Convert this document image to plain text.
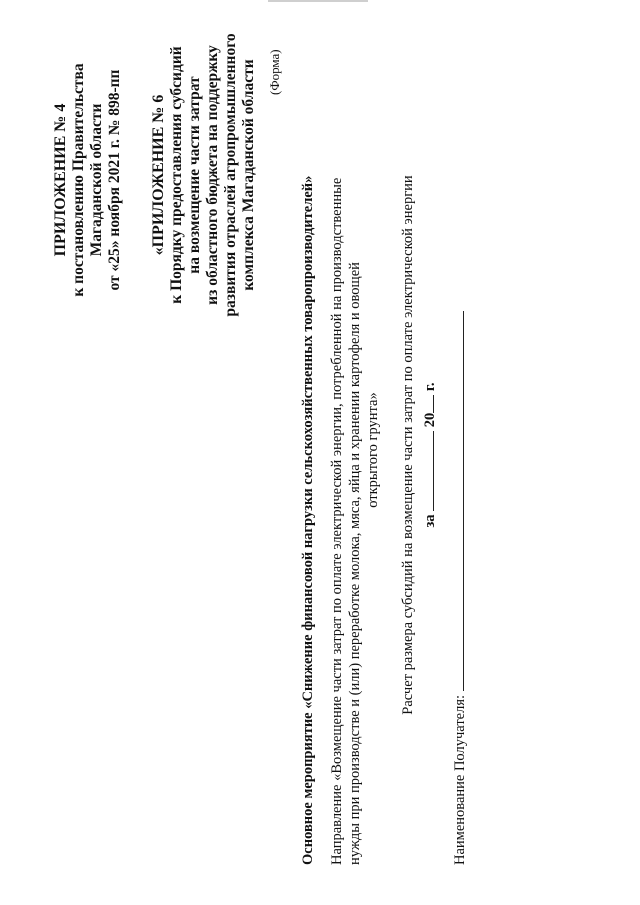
ПРИЛОЖЕНИЕ № 4 к постановлению Правительства Магаданской области от «25» ноября 2021 г. № 898-пп «ПРИЛОЖЕНИЕ № 6 к Порядку предоставления субсидий на возмещение части затрат из областного бюджета на поддержку развития отраслей агропромышленного комплекса Магаданской области (Форма)
Основное мероприятие «Снижение финансовой нагрузки сельскохозяйственных товаропроизводителей» Направление «Возмещение части затрат по оплате электрической энергии, потребленной на производственные нужды при производстве и (или) переработке молока, мяса, яйца и хранении картофеля и овощей открытого грунта» Расчет размера субсидий на возмещение части затрат по оплате электрической энергии за  20 г.
Наименование Получателя:
